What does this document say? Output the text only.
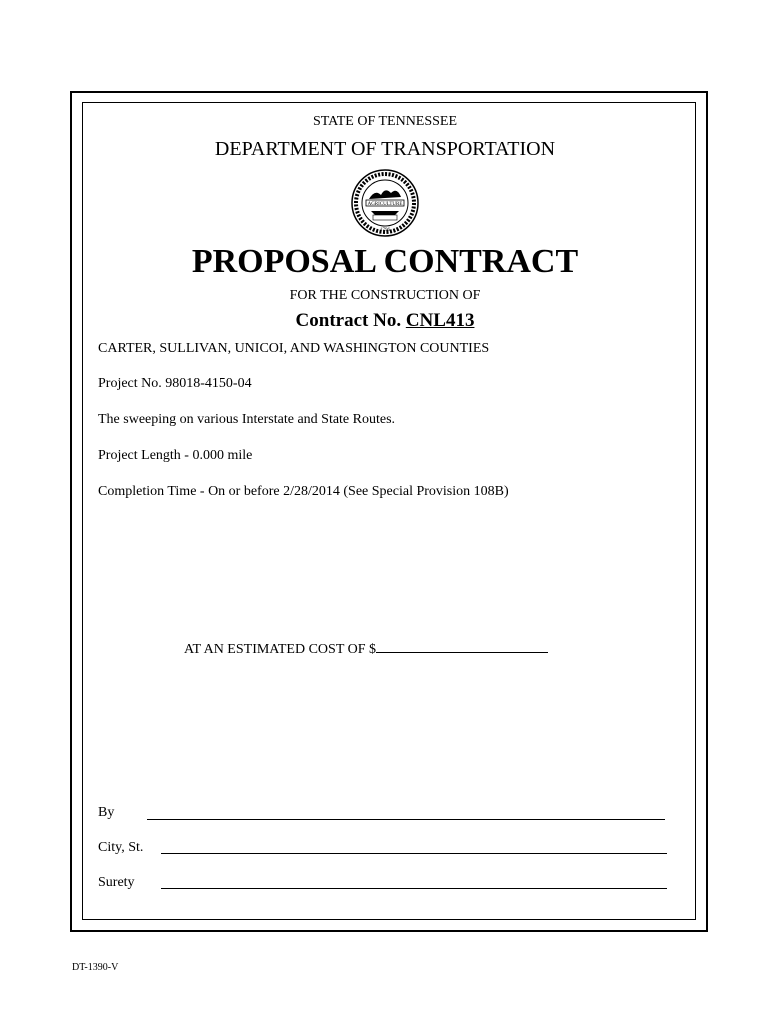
STATE OF TENNESSEE
DEPARTMENT OF TRANSPORTATION
AGRICULTURE
1796
PROPOSAL CONTRACT
FOR THE CONSTRUCTION OF
Contract No. CNL413
CARTER, SULLIVAN, UNICOI, AND WASHINGTON COUNTIES
Project No. 98018-4150-04
The sweeping on various Interstate and State Routes.
Project Length - 0.000 mile
Completion Time - On or before 2/28/2014 (See Special Provision 108B)
AT AN ESTIMATED COST OF $
By
City, St.
Surety
DT-1390-V
